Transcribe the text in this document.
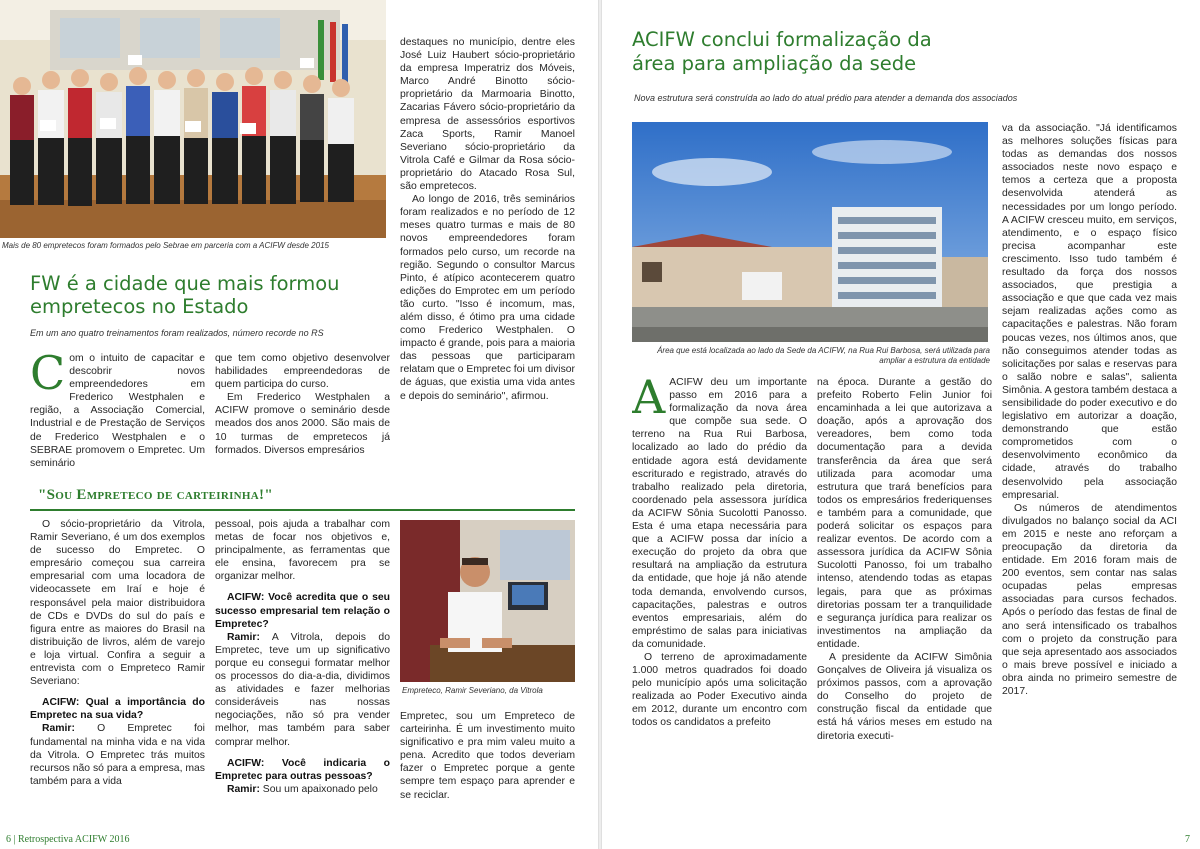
Mais de 80 empretecos foram formados pelo Sebrae em parceria com a ACIFW desde 2015
FW é a cidade que mais formou empretecos no Estado
Em um ano quatro treinamentos foram realizados, número recorde no RS

Com o intuito de capacitar e descobrir novos empreendedores em Frederico Westphalen e região, a Associação Comercial, Industrial e de Prestação de Serviços de Frederico Westphalen e o SEBRAE promovem o Empretec. Um seminário

que tem como objetivo desenvolver habilidades empreendedoras de quem participa do curso.

Em Frederico Westphalen a ACIFW promove o seminário desde meados dos anos 2000. São mais de 10 turmas de empretecos já formados. Diversos empresários

destaques no município, dentre eles José Luiz Haubert sócio-proprietário da empresa Imperatriz dos Móveis, Marco André Binotto sócio-proprietário da Marmoaria Binotto, Zacarias Fávero sócio-proprietário da empresa de assessórios esportivos Zaca Sports, Ramir Manoel Severiano sócio-proprietário da Vitrola Café e Gilmar da Rosa sócio-proprietário do Atacado Rosa Sul, são empretecos.

Ao longo de 2016, três seminários foram realizados e no período de 12 meses quatro turmas e mais de 80 novos empreendedores foram formados pelo curso, um recorde na região. Segundo o consultor Marcus Pinto, é atípico acontecerem quatro edições do Emprotec em um período tão curto. "Isso é incomum, mas, além disso, é ótimo pra uma cidade como Frederico Westphalen. O impacto é grande, pois para a maioria das pessoas que participaram relatam que o Empretec foi um divisor de águas, que existia uma vida antes e depois do seminário", afirmou.

"Sou Empreteco de carteirinha!"

O sócio-proprietário da Vitrola, Ramir Severiano, é um dos exemplos de sucesso do Empretec. O empresário começou sua carreira empresarial com uma locadora de videocassete em Iraí e hoje é responsável pela maior distribuidora de CDs e DVDs do sul do país e figura entre as maiores do Brasil na distribuição de livros, além de varejo e loja virtual. Confira a seguir a entrevista com o Empreteco Ramir Severiano:

ACIFW: Qual a importância do Empretec na sua vida?

Ramir: O Empretec foi fundamental na minha vida e na vida da Vitrola. O Empretec trás muitos recursos não só para a empresa, mas também para a vida

pessoal, pois ajuda a trabalhar com metas de focar nos objetivos e, principalmente, as ferramentas que ele ensina, favorecem pra se organizar melhor.

ACIFW: Você acredita que o seu sucesso empresarial tem relação o Empretec?

Ramir: A Vitrola, depois do Empretec, teve um up significativo porque eu consegui formatar melhor os processos do dia-a-dia, dividimos as atividades e fazer melhorias consideráveis nas nossas negociações, não só pra vender melhor, mas também para saber comprar melhor.

ACIFW: Você indicaria o Empretec para outras pessoas?

Ramir: Sou um apaixonado pelo

Empreteco, Ramir Severiano, da Vitrola

Empretec, sou um Empreteco de carteirinha. É um investimento muito significativo e pra mim valeu muito a pena. Acredito que todos deveriam fazer o Empretec porque a gente sempre tem espaço para aprender e se reciclar.

6 | Retrospectiva ACIFW 2016
ACIFW conclui formalização da área para ampliação da sede
Nova estrutura será construída ao lado do atual prédio para atender a demanda dos associados
Área que está localizada ao lado da Sede da ACIFW, na Rua Rui Barbosa, será utilizada para ampliar a estrutura da entidade

AACIFW deu um importante passo em 2016 para a formalização da nova área que compõe sua sede. O terreno na Rua Rui Barbosa, localizado ao lado do prédio da entidade agora está devidamente escriturado e registrado, através do trabalho realizado pela diretoria, coordenado pela assessora jurídica da ACIFW Sônia Sucolotti Panosso. Esta é uma etapa necessária para que a ACIFW possa dar início a execução do projeto da obra que resultará na ampliação da estrutura da entidade, que hoje já não atende toda demanda, envolvendo cursos, capacitações, palestras e outros eventos empresariais, além do empréstimo de salas para iniciativas da comunidade.

O terreno de aproximadamente 1.000 metros quadrados foi doado pelo município após uma solicitação realizada ao Poder Executivo ainda em 2012, durante um encontro com todos os candidatos a prefeito

na época. Durante a gestão do prefeito Roberto Felin Junior foi encaminhada a lei que autorizava a doação, após a aprovação dos vereadores, bem como toda documentação para a devida transferência da área que será utilizada para acomodar uma estrutura que trará benefícios para todos os empresários frederiquenses e também para a comunidade, que poderá solicitar os espaços para realizar eventos. De acordo com a assessora jurídica da ACIFW Sônia Sucolotti Panosso, foi um trabalho intenso, atendendo todas as etapas legais, para que as próximas diretorias possam ter a tranquilidade e segurança jurídica para realizar os investimentos na ampliação da entidade.

A presidente da ACIFW Simônia Gonçalves de Oliveira já visualiza os próximos passos, com a aprovação do Conselho do projeto de construção fiscal da entidade que está há vários meses em estudo na diretoria executi-

va da associação. "Já identificamos as melhores soluções físicas para todas as demandas dos nossos associados neste novo espaço e temos a certeza que a proposta desenvolvida atenderá as necessidades por um longo período. A ACIFW cresceu muito, em serviços, atendimento, e o espaço físico precisa acompanhar este crescimento. Isso tudo também é resultado da força dos nossos associados, que prestigia a associação e que que cada vez mais sejam realizadas ações como as capacitações e palestras. Não foram poucas vezes, nos últimos anos, que não conseguimos atender todas as solicitações por salas e reservas para o salão nobre e salas", salienta Simônia. A gestora também destaca a sensibilidade do poder executivo e do legislativo em autorizar a doação, demonstrando que estão comprometidos com o desenvolvimento econômico da cidade, através do trabalho desenvolvido pela associação empresarial.

Os números de atendimentos divulgados no balanço social da ACI em 2015 e neste ano reforçam a preocupação da diretoria da entidade. Em 2016 foram mais de 200 eventos, sem contar nas salas ocupadas pelas empresas associadas para cursos fechados. Após o período das festas de final de ano será intensificado os trabalhos com o projeto da construção para que seja apresentado aos associados o mais breve possível e iniciado a obra ainda no primeiro semestre de 2017.

7
